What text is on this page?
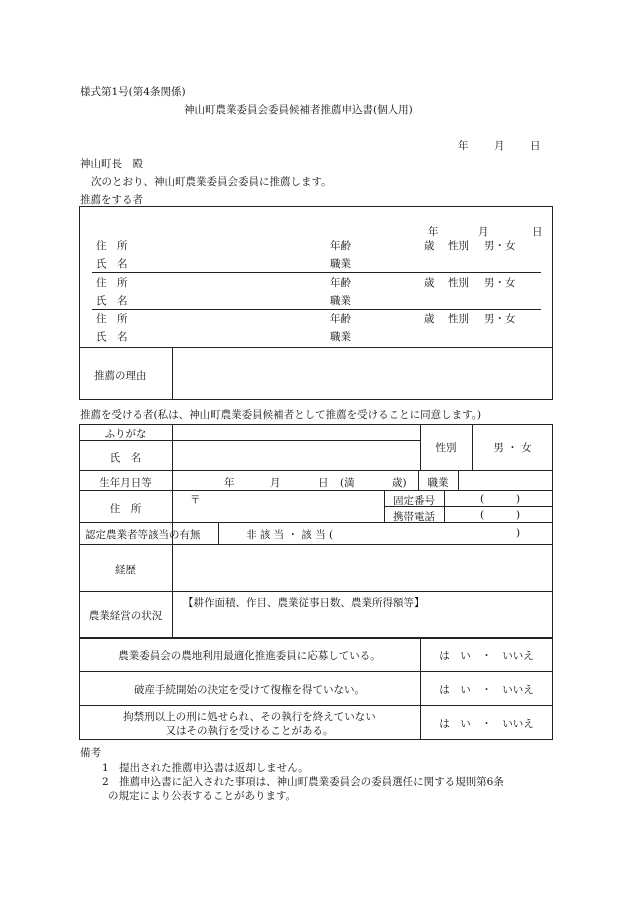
様式第1号(第4条関係)
神山町農業委員会委員候補者推薦申込書(個人用)
年 月 日
神山町長　殿
次のとおり、神山町農業委員会委員に推薦します。
推薦をする者
年	月	日
住　所	年齢	歳 性別 男・女
氏　名	職業
住　所	年齢	歳 性別 男・女
氏　名	職業
住　所	年齢	歳 性別 男・女
氏　名	職業
推薦の理由
推薦を受ける者(私は、神山町農業委員候補者として推薦を受けることに同意します。)
ふりがな
氏　名
性別	男 ・ 女
生年月日等	年	月	日 (満	歳)	職業
住　所
〒	固定番号	(	)
携帯電話	(	)
認定農業者等該当の有無	非 該 当 ・ 該 当 (	)
経歴
農業経営の状況
【耕作面積、作目、農業従事日数、農業所得額等】
農業委員会の農地利用最適化推進委員に応募している。	は　い　・　いいえ
破産手続開始の決定を受けて復権を得ていない。	は　い　・　いいえ
拘禁刑以上の刑に処せられ、その執行を終えていない
又はその執行を受けることがある。
は　い　・　いいえ
備考
1　提出された推薦申込書は返却しません。
2　推薦申込書に記入された事項は、神山町農業委員会の委員選任に関する規則第6条
の規定により公表することがあります。
